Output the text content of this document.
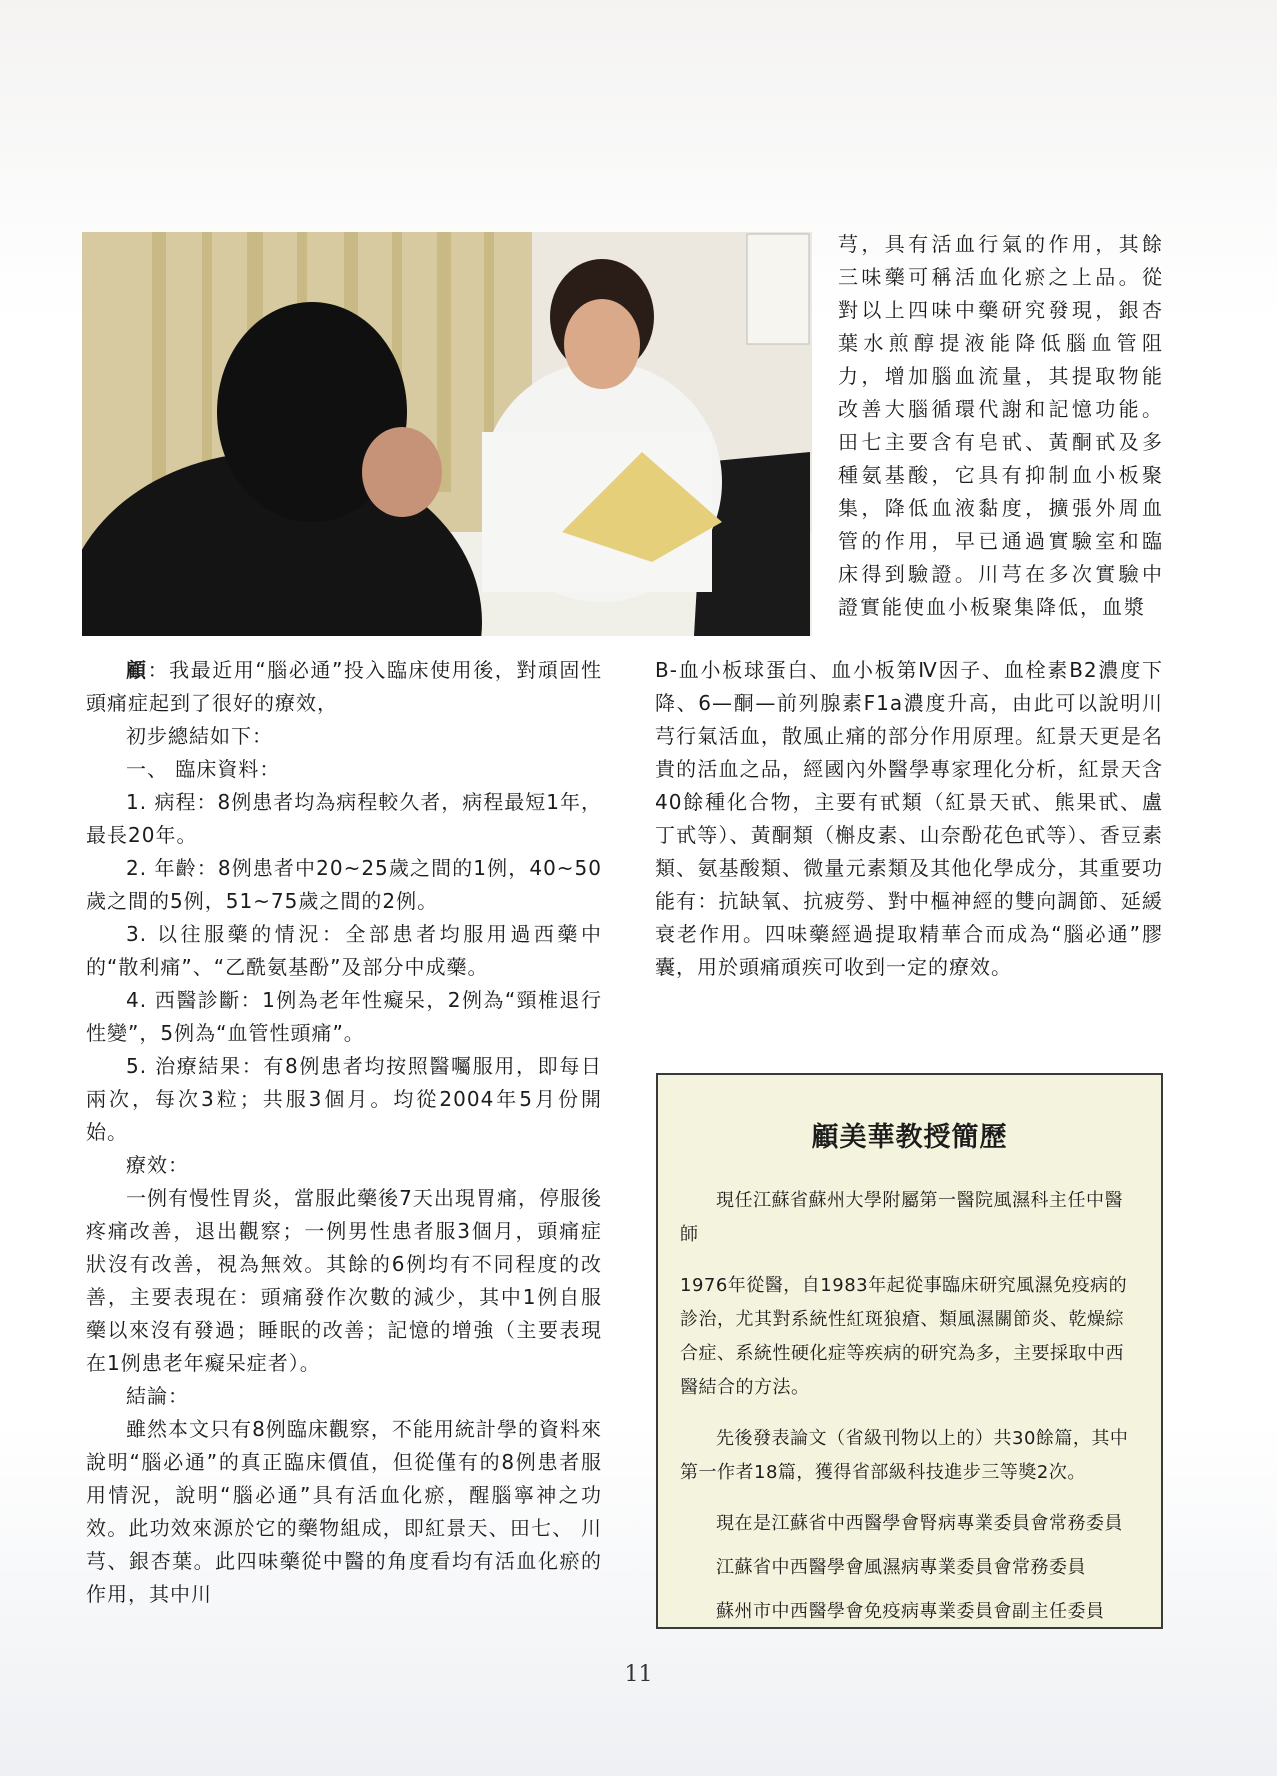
顧：我最近用“腦必通”投入臨床使用後，對頑固性頭痛症起到了很好的療效，

初步總結如下：

一、 臨床資料：

1. 病程：8例患者均為病程較久者，病程最短1年，最長20年。

2. 年齡：8例患者中20~25歲之間的1例，40~50歲之間的5例，51~75歲之間的2例。

3. 以往服藥的情況：全部患者均服用過西藥中的“散利痛”、“乙酰氨基酚”及部分中成藥。

4. 西醫診斷：1例為老年性癡呆，2例為“頸椎退行性變”，5例為“血管性頭痛”。

5. 治療結果：有8例患者均按照醫囑服用，即每日兩次，每次3粒；共服3個月。均從2004年5月份開始。

療效：

一例有慢性胃炎，當服此藥後7天出現胃痛，停服後疼痛改善，退出觀察；一例男性患者服3個月，頭痛症狀沒有改善，視為無效。其餘的6例均有不同程度的改善，主要表現在：頭痛發作次數的減少，其中1例自服藥以來沒有發過；睡眠的改善；記憶的增強（主要表現在1例患老年癡呆症者）。

結論：

雖然本文只有8例臨床觀察，不能用統計學的資料來說明“腦必通”的真正臨床價值，但從僅有的8例患者服用情況，說明“腦必通”具有活血化瘀，醒腦寧神之功效。此功效來源於它的藥物組成，即紅景天、田七、 川芎、銀杏葉。此四味藥從中醫的角度看均有活血化瘀的作用，其中川

芎，具有活血行氣的作用，其餘三味藥可稱活血化瘀之上品。從對以上四味中藥研究發現，銀杏葉水煎醇提液能降低腦血管阻力，增加腦血流量，其提取物能改善大腦循環代謝和記憶功能。田七主要含有皂甙、黃酮甙及多種氨基酸，它具有抑制血小板聚集，降低血液黏度，擴張外周血管的作用，早已通過實驗室和臨床得到驗證。川芎在多次實驗中證實能使血小板聚集降低，血漿

B-血小板球蛋白、血小板第Ⅳ因子、血栓素B2濃度下降、6—酮—前列腺素F1a濃度升高，由此可以說明川芎行氣活血，散風止痛的部分作用原理。紅景天更是名貴的活血之品，經國內外醫學專家理化分析，紅景天含40餘種化合物，主要有甙類（紅景天甙、熊果甙、盧丁甙等）、黃酮類（槲皮素、山奈酚花色甙等）、香豆素類、氨基酸類、微量元素類及其他化學成分，其重要功能有：抗缺氧、抗疲勞、對中樞神經的雙向調節、延緩衰老作用。四味藥經過提取精華合而成為“腦必通”膠囊，用於頭痛頑疾可收到一定的療效。

顧美華教授簡歷

現任江蘇省蘇州大學附屬第一醫院風濕科主任中醫師

1976年從醫，自1983年起從事臨床研究風濕免疫病的診治，尤其對系統性紅斑狼瘡、類風濕關節炎、乾燥綜合症、系統性硬化症等疾病的研究為多，主要採取中西醫結合的方法。

先後發表論文（省級刊物以上的）共30餘篇，其中第一作者18篇，獲得省部級科技進步三等獎2次。

現在是江蘇省中西醫學會腎病專業委員會常務委員

江蘇省中西醫學會風濕病專業委員會常務委員

蘇州市中西醫學會免疫病專業委員會副主任委員

11
